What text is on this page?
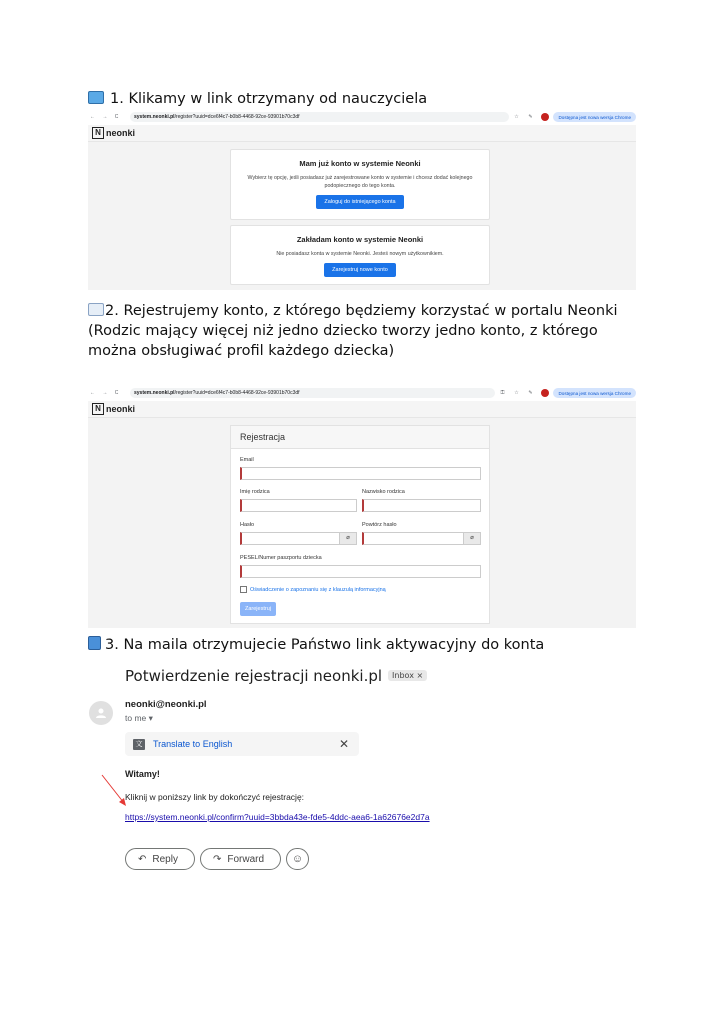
1. Klikamy w link otrzymany od nauczyciela
← → C	system.neonki.pl /register?uuid=dce6f4c7-b0b8-4468-92ce-93901b70c3df	☆	✎	Dostępna jest nowa wersja Chrome
N neonki
Mam już konto w systemie Neonki
Wybierz tę opcję, jeśli posiadasz już zarejestrowane konto w systemie i chcesz dodać kolejnego podopiecznego do tego konta.
Zaloguj do istniejącego konta
Zakładam konto w systemie Neonki
Nie posiadasz konta w systemie Neonki. Jesteś nowym użytkownikiem.
Zarejestruj nowe konto
2. Rejestrujemy konto, z którego będziemy korzystać w portalu Neonki
(Rodzic mający więcej niż jedno dziecko tworzy jedno konto, z którego
można obsługiwać profil każdego dziecka)
← → C	system.neonki.pl /register?uuid=dce6f4c7-b0b8-4468-92ce-93901b70c3df	⚿	☆	✎	Dostępna jest nowa wersja Chrome
N neonki
Rejestracja
Email
Imię rodzica	Nazwisko rodzica
Hasło
⌀
Powtórz hasło
⌀
PESEL/Numer paszportu dziecka
Oświadczenie o zapoznaniu się z klauzulą informacyjną
Zarejestruj
3. Na maila otrzymujecie Państwo link aktywacyjny do konta
Potwierdzenie rejestracji neonki.pl Inbox ×
neonki@neonki.pl
to me ▾
文 Translate to English	✕
Witamy!
Kliknij w poniższy link by dokończyć rejestrację:
https://system.neonki.pl/confirm?uuid=3bbda43e-fde5-4ddc-aea6-1a62676e2d7a
↶ Reply	↷ Forward	☺
